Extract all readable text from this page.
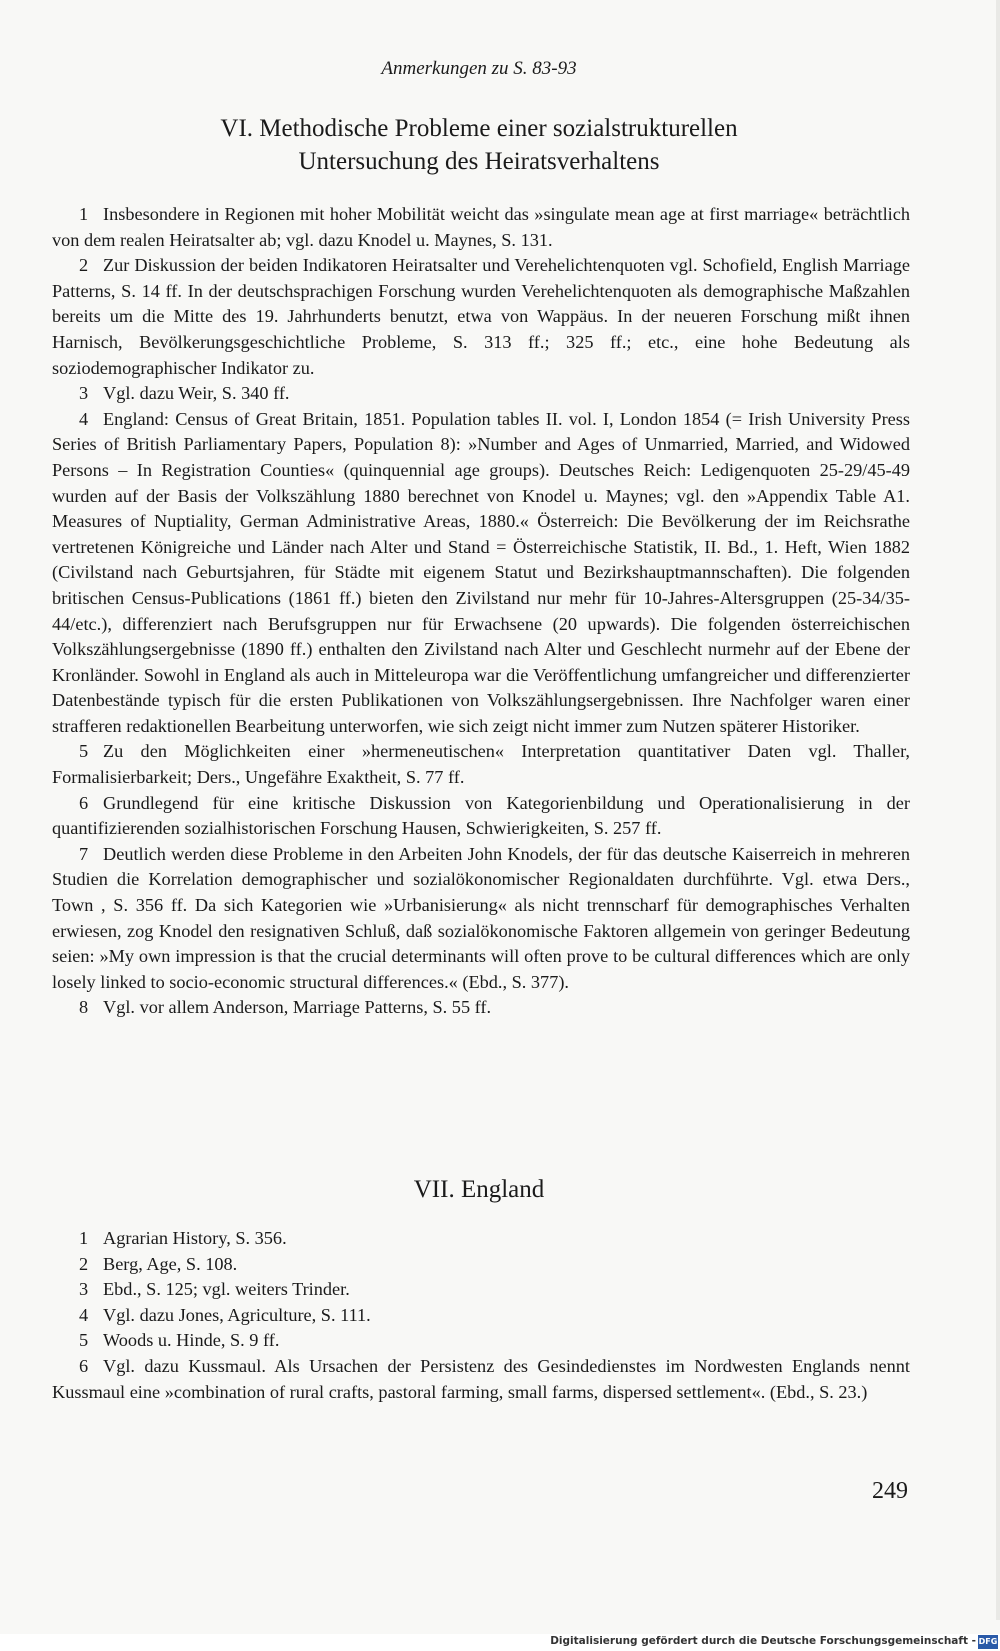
Anmerkungen zu S. 83-93
VI. Methodische Probleme einer sozialstrukturellen
Untersuchung des Heiratsverhaltens

1 Insbesondere in Regionen mit hoher Mobilität weicht das »singulate mean age at first marriage« beträchtlich von dem realen Heiratsalter ab; vgl. dazu Knodel u. Maynes, S. 131.

2 Zur Diskussion der beiden Indikatoren Heiratsalter und Verehelichtenquoten vgl. Schofield, English Marriage Patterns, S. 14 ff. In der deutschsprachigen Forschung wurden Verehelichtenquoten als demographische Maßzahlen bereits um die Mitte des 19. Jahrhunderts benutzt, etwa von Wappäus. In der neueren Forschung mißt ihnen Harnisch, Bevölkerungsgeschichtliche Probleme, S. 313 ff.; 325 ff.; etc., eine hohe Bedeutung als soziodemographischer Indikator zu.

3 Vgl. dazu Weir, S. 340 ff.

4 England: Census of Great Britain, 1851. Population tables II. vol. I, London 1854 (= Irish University Press Series of British Parliamentary Papers, Population 8): »Number and Ages of Unmarried, Married, and Widowed Persons – In Registration Counties« (quinquennial age groups). Deutsches Reich: Ledigenquoten 25-29/45-49 wurden auf der Basis der Volkszählung 1880 berechnet von Knodel u. Maynes; vgl. den »Appendix Table A1. Measures of Nuptiality, German Administrative Areas, 1880.« Österreich: Die Bevölkerung der im Reichsrathe vertretenen Königreiche und Länder nach Alter und Stand = Österreichische Statistik, II. Bd., 1. Heft, Wien 1882 (Civilstand nach Geburtsjahren, für Städte mit eigenem Statut und Bezirkshauptmannschaften). Die folgenden britischen Census-Publications (1861 ff.) bieten den Zivilstand nur mehr für 10-Jahres-Altersgruppen (25-34/35-44/etc.), differenziert nach Berufsgruppen nur für Erwachsene (20 upwards). Die folgenden österreichischen Volkszählungsergebnisse (1890 ff.) enthalten den Zivilstand nach Alter und Geschlecht nurmehr auf der Ebene der Kronländer. Sowohl in England als auch in Mitteleuropa war die Veröffentlichung umfangreicher und differenzierter Datenbestände typisch für die ersten Publikationen von Volkszählungsergebnissen. Ihre Nachfolger waren einer strafferen redaktionellen Bearbeitung unterworfen, wie sich zeigt nicht immer zum Nutzen späterer Historiker.

5 Zu den Möglichkeiten einer »hermeneutischen« Interpretation quantitativer Daten vgl. Thaller, Formalisierbarkeit; Ders., Ungefähre Exaktheit, S. 77 ff.

6 Grundlegend für eine kritische Diskussion von Kategorienbildung und Operationalisierung in der quantifizierenden sozialhistorischen Forschung Hausen, Schwierigkeiten, S. 257 ff.

7 Deutlich werden diese Probleme in den Arbeiten John Knodels, der für das deutsche Kaiserreich in mehreren Studien die Korrelation demographischer und sozialökonomischer Regionaldaten durchführte. Vgl. etwa Ders., Town , S. 356 ff. Da sich Kategorien wie »Urbanisierung« als nicht trennscharf für demographisches Verhalten erwiesen, zog Knodel den resignativen Schluß, daß sozialökonomische Faktoren allgemein von geringer Bedeutung seien: »My own impression is that the crucial determinants will often prove to be cultural differences which are only losely linked to socio-economic structural differences.« (Ebd., S. 377).

8 Vgl. vor allem Anderson, Marriage Patterns, S. 55 ff.

VII. England

1 Agrarian History, S. 356.

2 Berg, Age, S. 108.

3 Ebd., S. 125; vgl. weiters Trinder.

4 Vgl. dazu Jones, Agriculture, S. 111.

5 Woods u. Hinde, S. 9 ff.

6 Vgl. dazu Kussmaul. Als Ursachen der Persistenz des Gesindedienstes im Nordwesten Englands nennt Kussmaul eine »combination of rural crafts, pastoral farming, small farms, dispersed settlement«. (Ebd., S. 23.)

249
Digitalisierung gefördert durch die Deutsche Forschungsgemeinschaft - DFG
